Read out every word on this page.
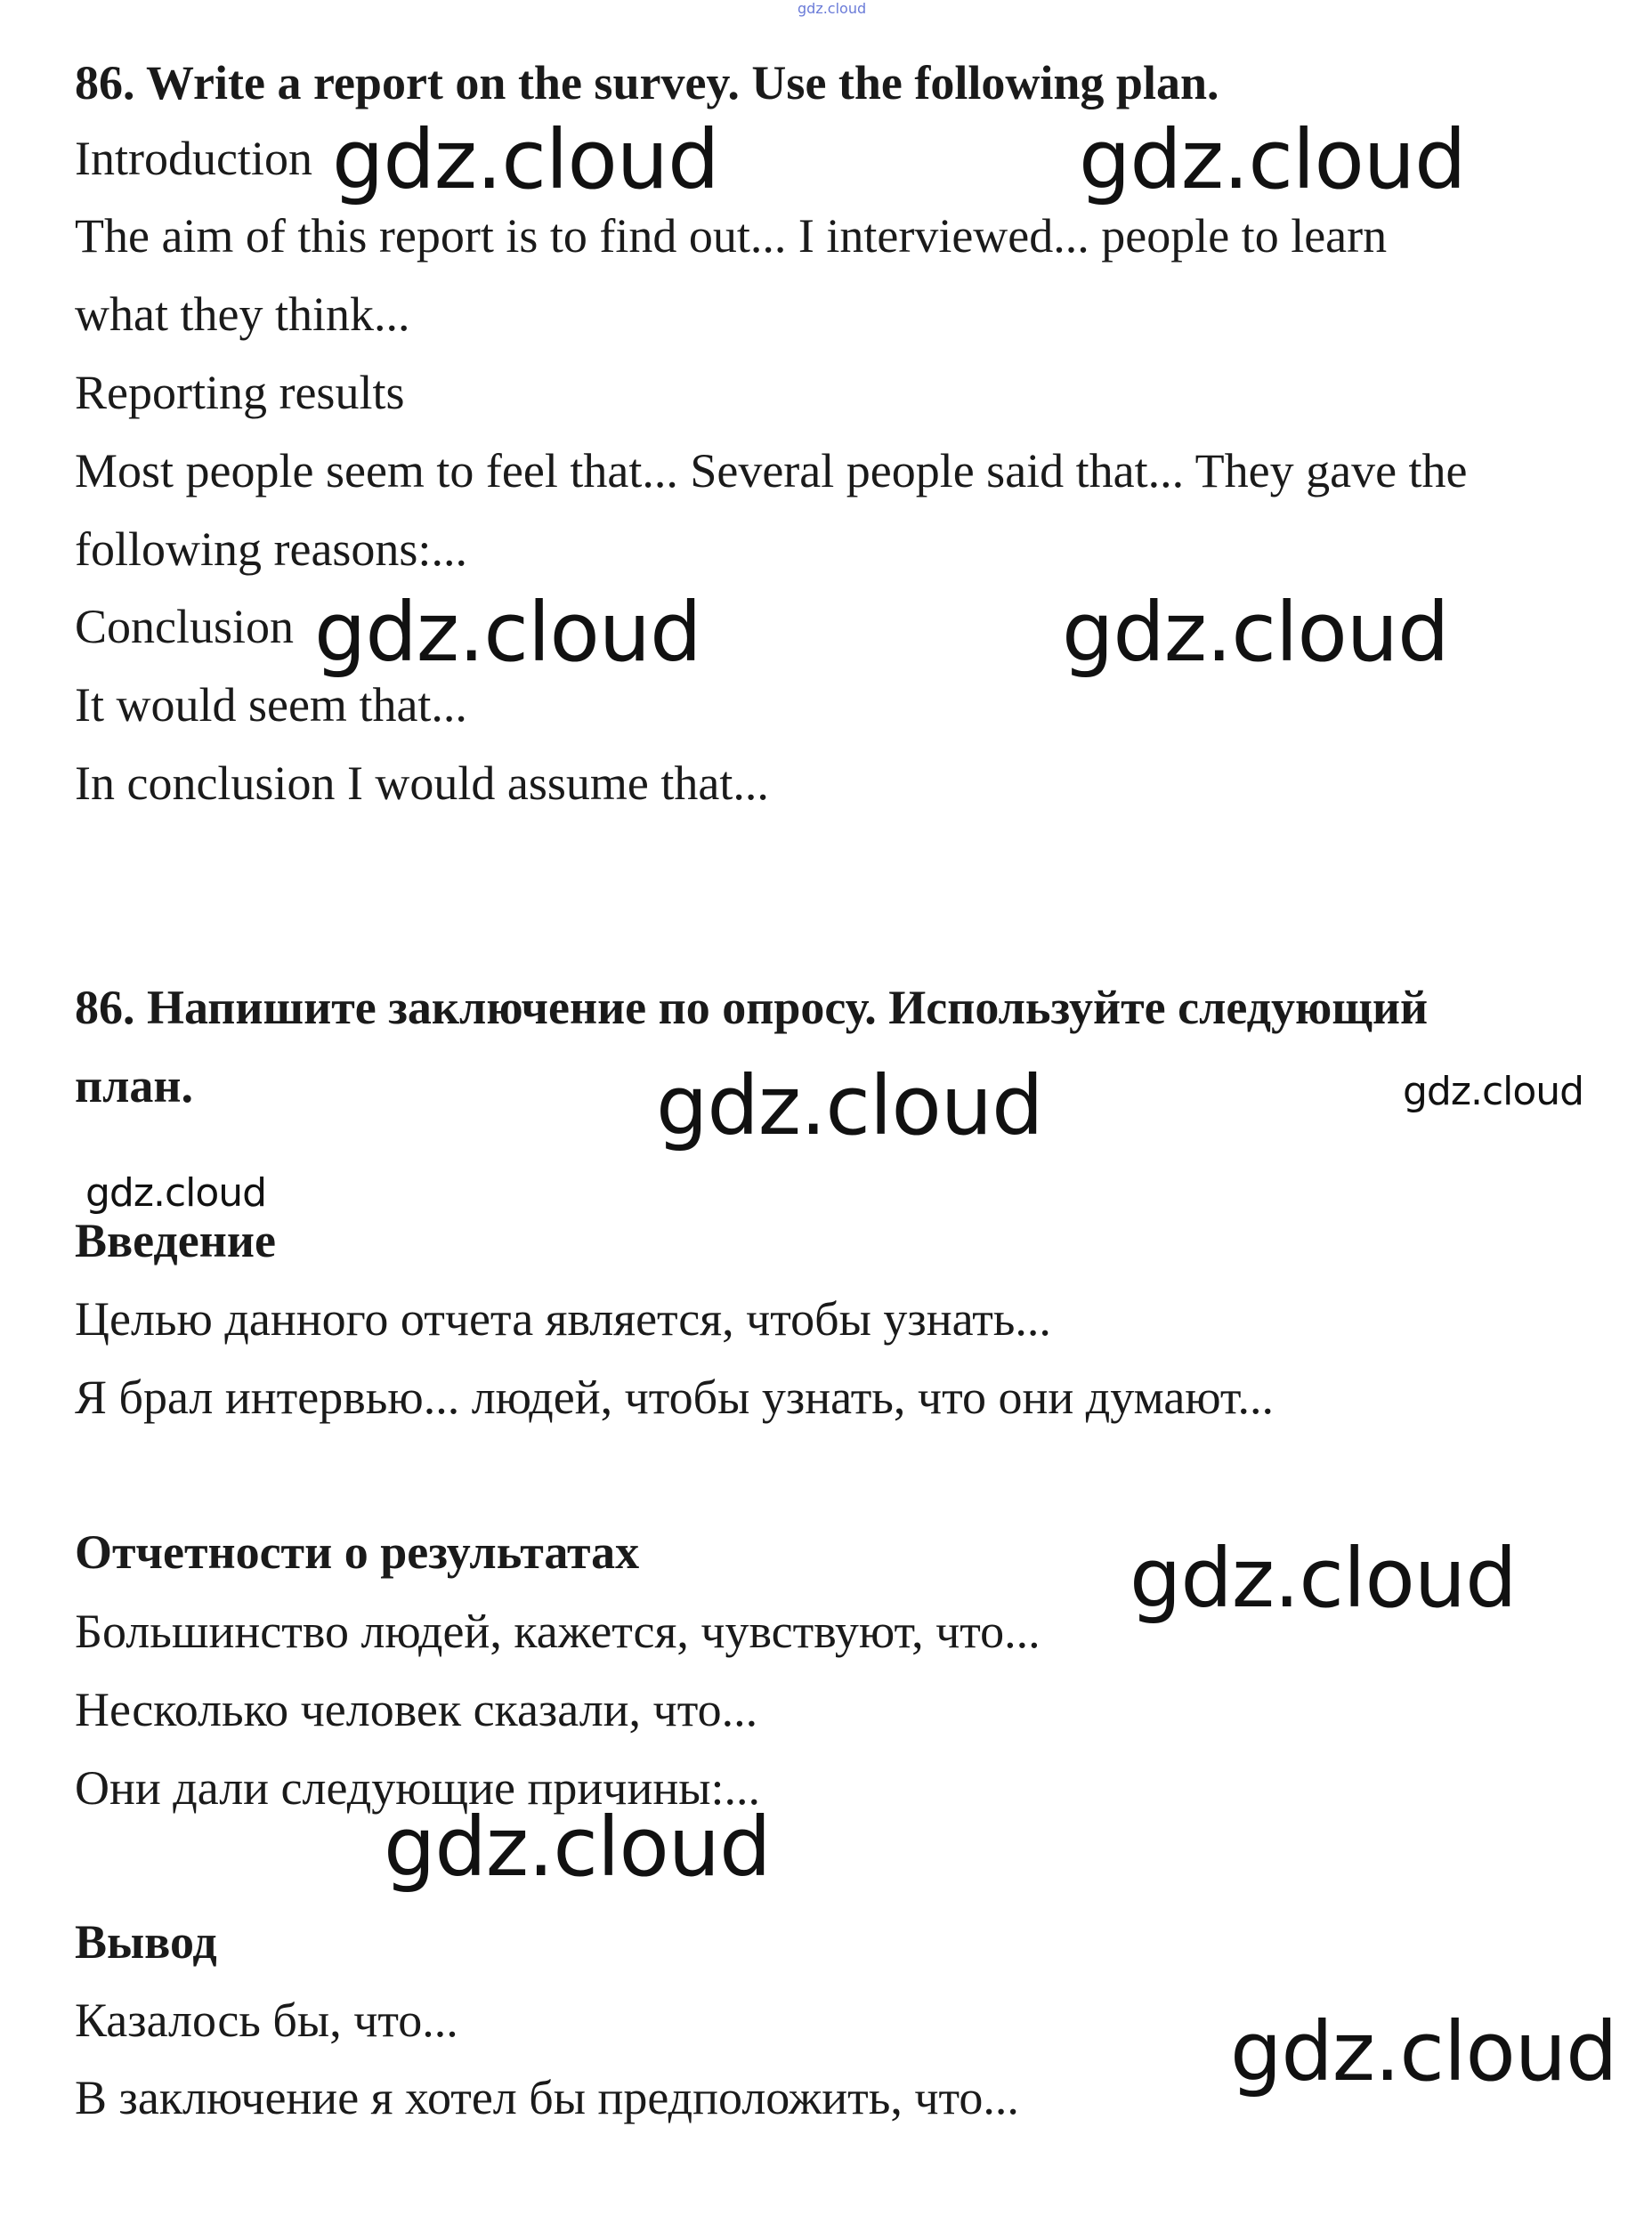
gdz.cloud
86. Write a report on the survey. Use the following plan.
Introduction
The aim of this report is to find out... I interviewed... people to learn
what they think...
Reporting results
Most people seem to feel that... Several people said that... They gave the
following reasons:...
Conclusion
It would seem that...
In conclusion I would assume that...
86. Напишите заключение по опросу. Используйте следующий
план.
Введение
Целью данного отчета является, чтобы узнать...
Я брал интервью... людей, чтобы узнать, что они думают...
Отчетности о результатах
Большинство людей, кажется, чувствуют, что...
Несколько человек сказали, что...
Они дали следующие причины:...
Вывод
Казалось бы, что...
В заключение я хотел бы предположить, что...
gdz.cloud	gdz.cloud
gdz.cloud	gdz.cloud
gdz.cloud	gdz.cloud
gdz.cloud
gdz.cloud
gdz.cloud
gdz.cloud
